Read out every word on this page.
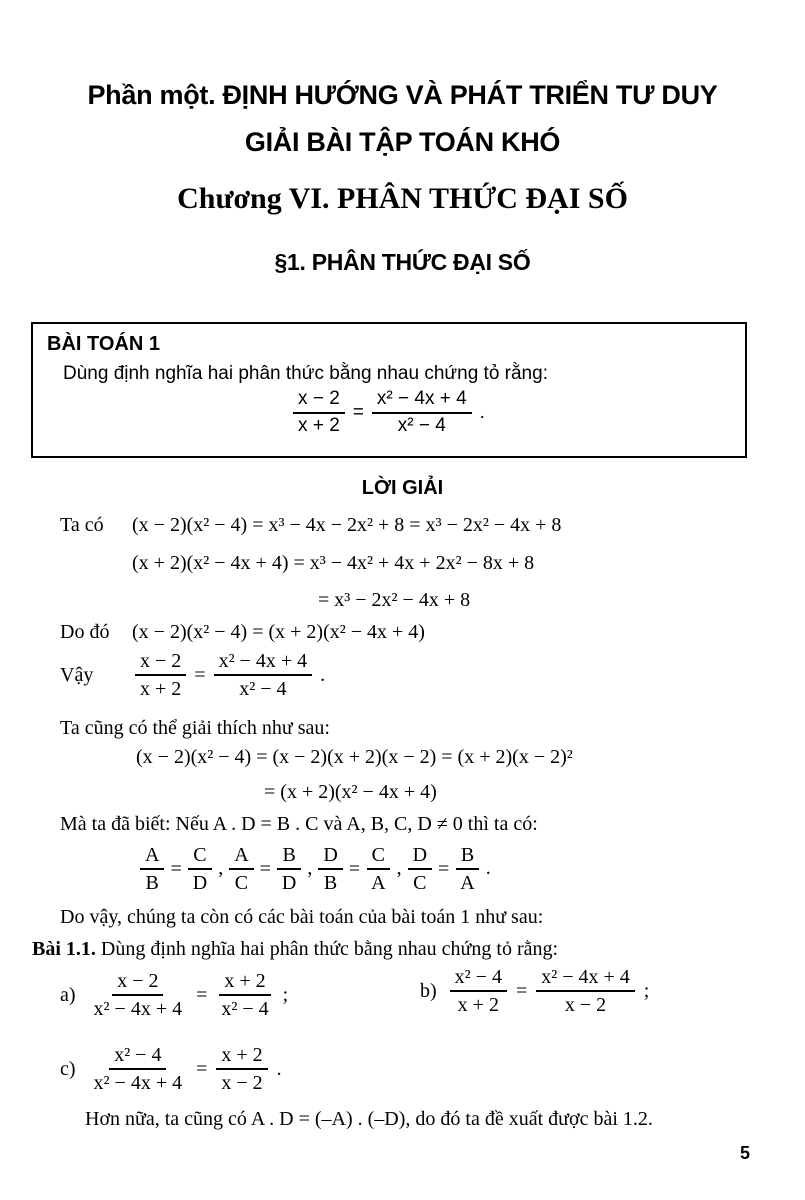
Phần một. ĐỊNH HƯỚNG VÀ PHÁT TRIỂN TƯ DUY
GIẢI BÀI TẬP TOÁN KHÓ
Chương VI. PHÂN THỨC ĐẠI SỐ
§1. PHÂN THỨC ĐẠI SỐ
BÀI TOÁN 1
Dùng định nghĩa hai phân thức bằng nhau chứng tỏ rằng:
$\frac{x - 2}{x + 2} = \frac{\text{x² − 4x + 4}}{\text{x² − 4}}$ .
LỜI GIẢI
Ta có	(x − 2)(x² − 4) = x³ − 4x − 2x² + 8 = x³ − 2x² − 4x + 8
(x + 2)(x² − 4x + 4) = x³ − 4x² + 4x + 2x² − 8x + 8
= x³ − 2x² − 4x + 8
Do đó	(x − 2)(x² − 4) = (x + 2)(x² − 4x + 4)
Vậy	$\frac{x - 2}{x + 2} = \frac{\text{x² − 4x + 4}}{\text{x² − 4}}$ .
Ta cũng có thể giải thích như sau:
(x − 2)(x² − 4) = (x − 2)(x + 2)(x − 2) = (x + 2)(x − 2)²
= (x + 2)(x² − 4x + 4)
Mà ta đã biết: Nếu A . D = B . C và A, B, C, D ≠ 0 thì ta có:
$\frac{A}{B} = \frac{C}{D}$ , $\frac{A}{C} = \frac{B}{D}$ , $\frac{D}{B} = \frac{C}{A}$ , $\frac{D}{C} = \frac{B}{A}$ .
Do vậy, chúng ta còn có các bài toán của bài toán 1 như sau:
Bài 1.1. Dùng định nghĩa hai phân thức bằng nhau chứng tỏ rằng:
$a) \frac{x - 2}{\text{x² − 4x + 4}} = \frac{x + 2}{\text{x² − 4}}$ ;	$b) \frac{\text{x² − 4}}{x + 2} = \frac{\text{x² − 4x + 4}}{x - 2}$ ;
$c) \frac{\text{x² − 4}}{\text{x² − 4x + 4}} = \frac{x + 2}{x - 2}$ .
Hơn nữa, ta cũng có A . D = (–A) . (–D), do đó ta đề xuất được bài 1.2.
5
